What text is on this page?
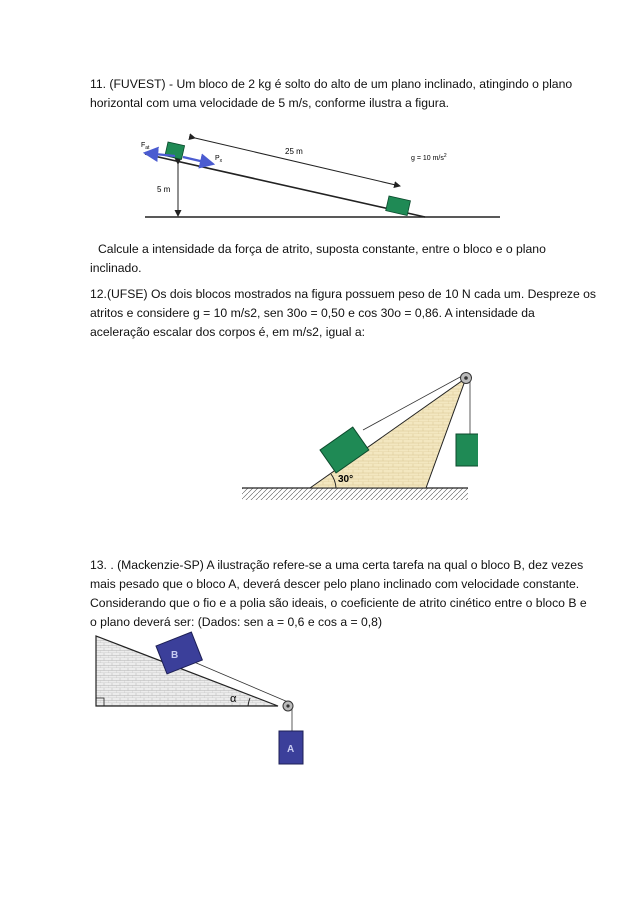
11. (FUVEST) - Um bloco de 2 kg é solto do alto de um plano inclinado, atingindo o plano
horizontal com uma velocidade de 5 m/s, conforme ilustra a figura.
5 m
25 m
$F_{at}$
$P_x$	g = 10 $m/s^2$
Calcule a intensidade da força de atrito, suposta constante, entre o bloco e o plano
inclinado.
12.(UFSE) Os dois blocos mostrados na figura possuem peso de 10 N cada um. Despreze os
atritos e considere g = 10 m/s2, sen 30o = 0,50 e cos 30o = 0,86. A intensidade da
aceleração escalar dos corpos é, em m/s2, igual a:
30°
13. . (Mackenzie-SP) A ilustração refere-se a uma certa tarefa na qual o bloco B, dez vezes
mais pesado que o bloco A, deverá descer pelo plano inclinado com velocidade constante.
Considerando que o fio e a polia são ideais, o coeficiente de atrito cinético entre o bloco B e
o plano deverá ser: (Dados: sen a = 0,6 e cos a = 0,8)
α
B
A
